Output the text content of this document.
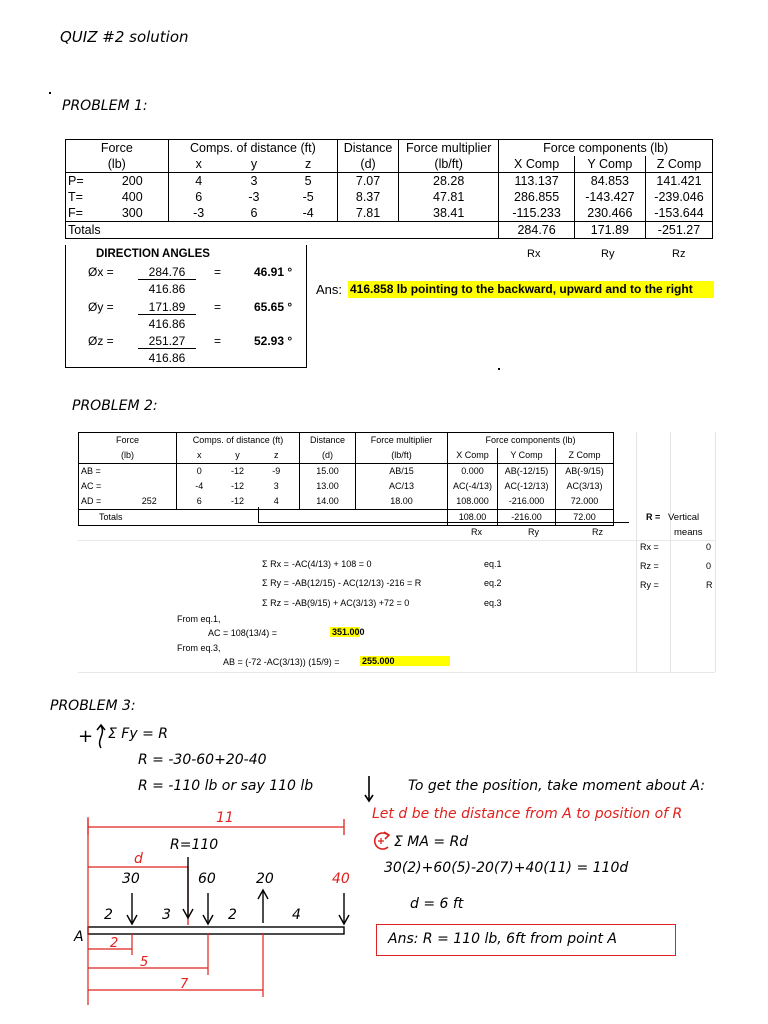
QUIZ #2 solution
PROBLEM 1:
Force		Comps. of distance (ft)			Distance	Force multiplier	Force components (lb)		
(lb)		x	y	z	(d)	(lb/ft)	X Comp	Y Comp	Z Comp
P=	200	4	3	5	7.07	28.28	113.137	84.853	141.421
T=	400	6	-3	-5	8.37	47.81	286.855	-143.427	-239.046
F=	300	-3	6	-4	7.81	38.41	-115.233	230.466	-153.644
Totals							284.76	171.89	-251.27
DIRECTION ANGLES	Rx	Ry	Rz
Øx =	284.76
416.86
=	46.91 °
Øy =	171.89
416.86
=	65.65 °
Øz =	251.27
416.86
=	52.93 °
Ans: 416.858 lb pointing to the backward, upward and to the right
PROBLEM 2:
Force		Comps. of distance (ft)			Distance	Force multiplier	Force components (lb)		
(lb)		x	y	z	(d)	(lb/ft)	X Comp	Y Comp	Z Comp
AB =		0	-12	-9	15.00	AB/15	0.000	AB(-12/15)	AB(-9/15)
AC =		-4	-12	3	13.00	AC/13	AC(-4/13)	AC(-12/13)	AC(3/13)
AD =	252	6	-12	4	14.00	18.00	108.000	-216.000	72.000
Totals							108.00	-216.00	72.00
Rx	Ry	Rz
R = Vertical
means
Rx =	0
Rz =	0
Ry =	R
Σ Rx = -AC(4/13) + 108 = 0	eq.1
Σ Ry = -AB(12/15) - AC(12/13) -216 = R	eq.2
Σ Rz = -AB(9/15) + AC(3/13) +72 = 0	eq.3
From eq.1,
AC = 108(13/4) =	351.000
From eq.3,
AB = (-72 -AC(3/13)) (15/9) = 255.000
PROBLEM 3:
+ Σ Fy = R
R = -30-60+20-40
R = -110 lb or say 110 lb	To get the position, take moment about A:
Let d be the distance from A to position of R
Σ MA = Rd
30(2)+60(5)-20(7)+40(11) = 110d
d = 6 ft
Ans: R = 110 lb, 6ft from point A
11
R=110
d
30	60	20	40
2	3	2	4
A 2
5
7
